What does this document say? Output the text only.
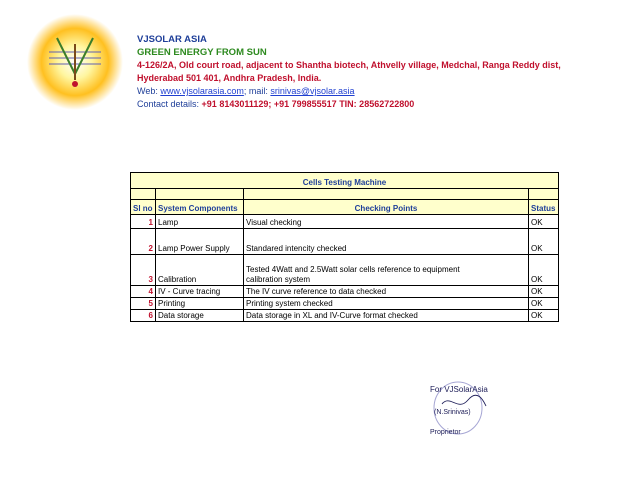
VJSOLAR ASIA
GREEN ENERGY FROM SUN
4-126/2A, Old court road, adjacent to Shantha biotech, Athvelly village, Medchal, Ranga Reddy dist,
Hyderabad 501 401, Andhra Pradesh, India.
Web: www.vjsolarasia.com; mail: srinivas@vjsolar.asia
Contact details: +91 8143011129; +91 799855517 TIN: 28562722800
Cells Testing Machine			

Sl no	System Components	Checking Points	Status
1	Lamp	Visual checking	OK
2	Lamp Power Supply	Standared intencity checked	OK
3	Calibration	Tested 4Watt and 2.5Watt solar cells reference to equipment
calibration system	OK
4	IV - Curve tracing	The IV curve reference to data checked	OK
5	Printing	Printing system checked	OK
6	Data storage	Data storage in XL and IV-Curve format checked	OK
For VJSolarAsia
(N.Srinivas)
Proprietor
